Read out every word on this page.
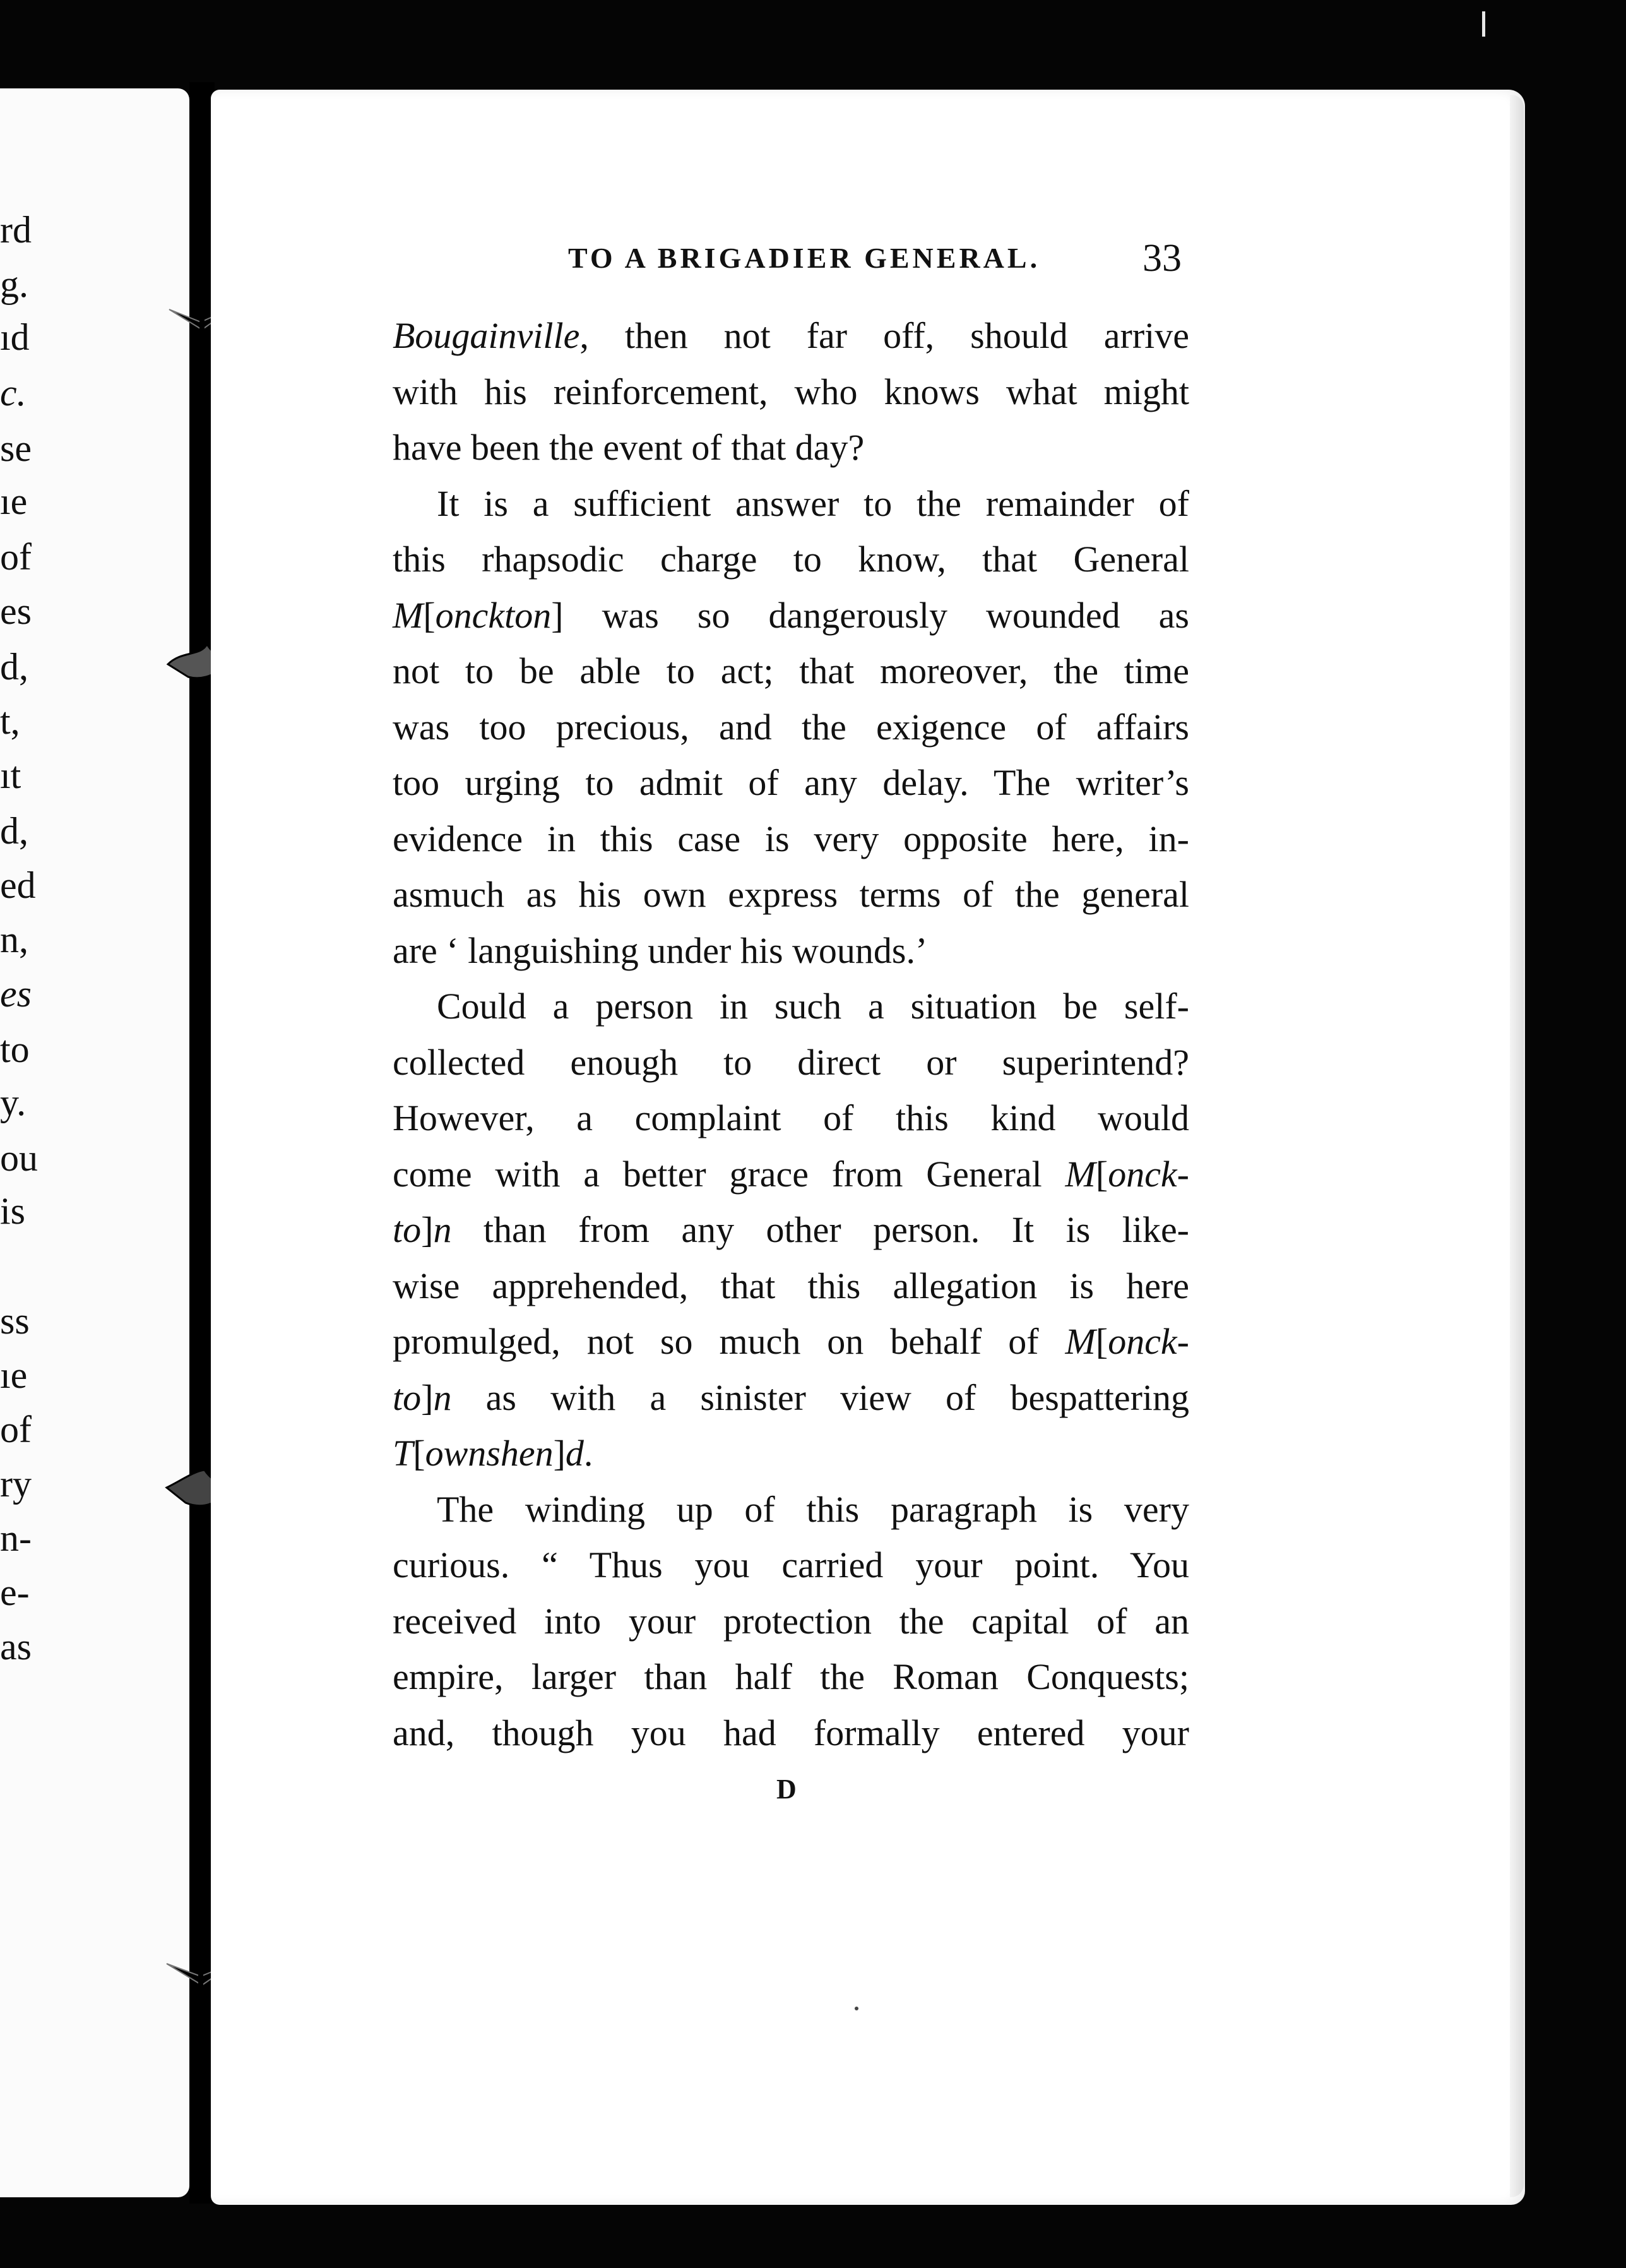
rd
g.
ıd
c.
se
ıe
of
es
d,
t,
ıt
d,
ed
n,
es
to
y.
ou
is
ss
ıe
of
ry
n-
e-
as
TO A BRIGADIER GENERAL.	33
Bougainville, then not far off, should arrive
with his reinforcement, who knows what might
have been the event of that day?
It is a sufficient answer to the remainder of
this rhapsodic charge to know, that General
M[onckton] was so dangerously wounded as
not to be able to act; that moreover, the time
was too precious, and the exigence of affairs
too urging to admit of any delay. The writer’s
evidence in this case is very opposite here, in-
asmuch as his own express terms of the general
are ‘ languishing under his wounds.’
Could a person in such a situation be self-
collected enough to direct or superintend?
However, a complaint of this kind would
come with a better grace from General M[onck-
to]n than from any other person. It is like-
wise apprehended, that this allegation is here
promulged, not so much on behalf of M[onck-
to]n as with a sinister view of bespattering
T[ownshen]d.
The winding up of this paragraph is very
curious. “ Thus you carried your point. You
received into your protection the capital of an
empire, larger than half the Roman Conquests;
and, though you had formally entered your
D
